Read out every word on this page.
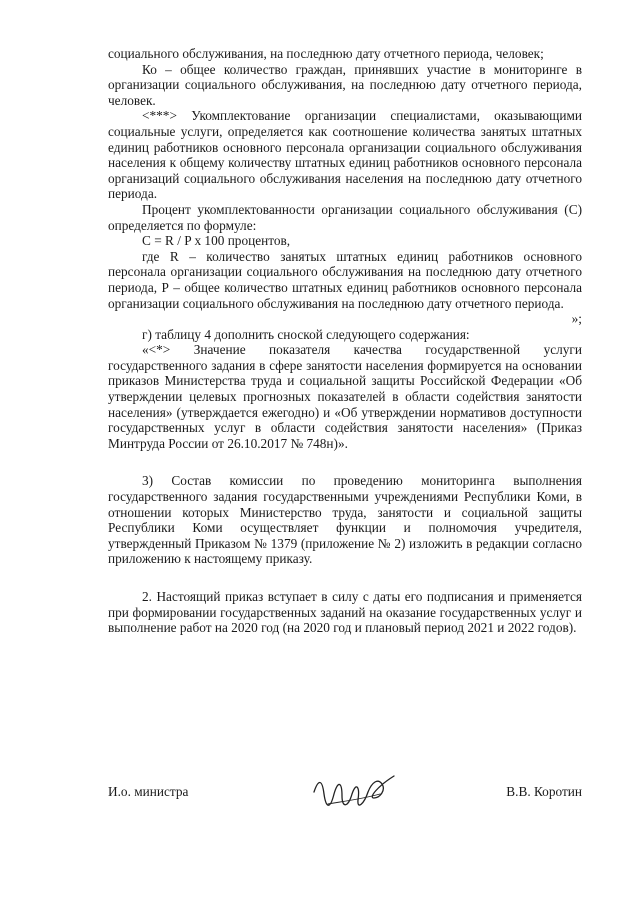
социального обслуживания, на последнюю дату отчетного периода, человек;

Ко – общее количество граждан, принявших участие в мониторинге в организации социального обслуживания, на последнюю дату отчетного периода, человек.

<***> Укомплектование организации специалистами, оказывающими социальные услуги, определяется как соотношение количества занятых штатных единиц работников основного персонала организации социального обслуживания населения к общему количеству штатных единиц работников основного персонала организаций социального обслуживания населения на последнюю дату отчетного периода.

Процент укомплектованности организации социального обслуживания (С) определяется по формуле:

С = R / P x 100 процентов,

где R – количество занятых штатных единиц работников основного персонала организации социального обслуживания на последнюю дату отчетного периода, Р – общее количество штатных единиц работников основного персонала организации социального обслуживания на последнюю дату отчетного периода.

»;

г) таблицу 4 дополнить сноской следующего содержания:

«<*> Значение показателя качества государственной услуги государственного задания в сфере занятости населения формируется на основании приказов Министерства труда и социальной защиты Российской Федерации «Об утверждении целевых прогнозных показателей в области содействия занятости населения» (утверждается ежегодно) и «Об утверждении нормативов доступности государственных услуг в области содействия занятости населения» (Приказ Минтруда России от 26.10.2017 № 748н)».

3) Состав комиссии по проведению мониторинга выполнения государственного задания государственными учреждениями Республики Коми, в отношении которых Министерство труда, занятости и социальной защиты Республики Коми осуществляет функции и полномочия учредителя, утвержденный Приказом № 1379 (приложение № 2) изложить в редакции согласно приложению к настоящему приказу.

2. Настоящий приказ вступает в силу с даты его подписания и применяется при формировании государственных заданий на оказание государственных услуг и выполнение работ на 2020 год (на 2020 год и плановый период 2021 и 2022 годов).

И.о. министра	В.В. Коротин
